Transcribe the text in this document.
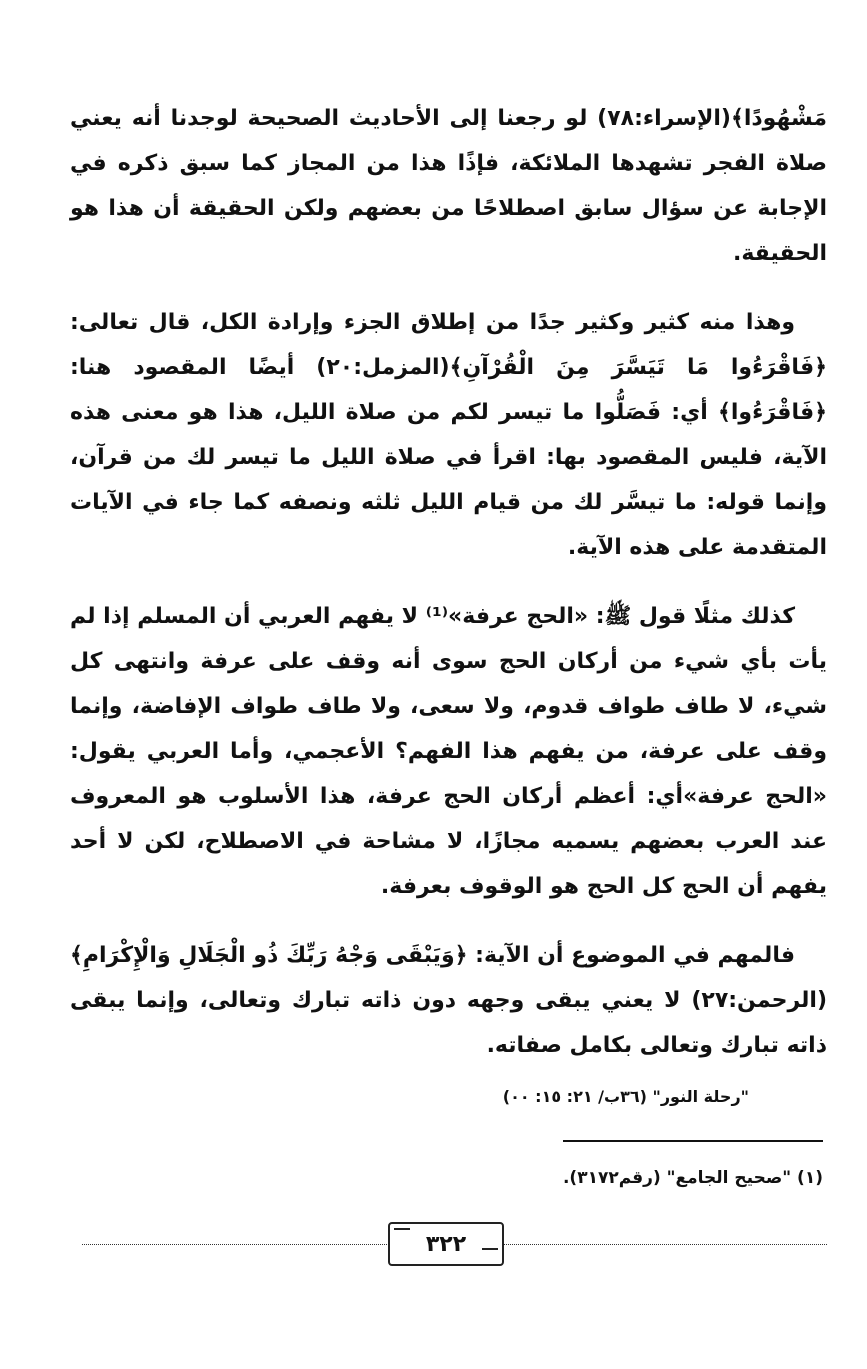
مَشْهُودًا﴾(الإسراء:٧٨) لو رجعنا إلى الأحاديث الصحيحة لوجدنا أنه يعني صلاة الفجر تشهدها الملائكة، فإذًا هذا من المجاز كما سبق ذكره في الإجابة عن سؤال سابق اصطلاحًا من بعضهم ولكن الحقيقة أن هذا هو الحقيقة.

وهذا منه كثير وكثير جدًا من إطلاق الجزء وإرادة الكل، قال تعالى: ﴿فَاقْرَءُوا مَا تَيَسَّرَ مِنَ الْقُرْآنِ﴾(المزمل:٢٠) أيضًا المقصود هنا: ﴿فَاقْرَءُوا﴾ أي: فَصَلُّوا ما تيسر لكم من صلاة الليل، هذا هو معنى هذه الآية، فليس المقصود بها: اقرأ في صلاة الليل ما تيسر لك من قرآن، وإنما قوله: ما تيسَّر لك من قيام الليل ثلثه ونصفه كما جاء في الآيات المتقدمة على هذه الآية.

كذلك مثلًا قول ﷺ: «الحج عرفة»⁽¹⁾ لا يفهم العربي أن المسلم إذا لم يأت بأي شيء من أركان الحج سوى أنه وقف على عرفة وانتهى كل شيء، لا طاف طواف قدوم، ولا سعى، ولا طاف طواف الإفاضة، وإنما وقف على عرفة، من يفهم هذا الفهم؟ الأعجمي، وأما العربي يقول: «الحج عرفة»أي: أعظم أركان الحج عرفة، هذا الأسلوب هو المعروف عند العرب بعضهم يسميه مجازًا، لا مشاحة في الاصطلاح، لكن لا أحد يفهم أن الحج كل الحج هو الوقوف بعرفة.

فالمهم في الموضوع أن الآية: ﴿وَيَبْقَى وَجْهُ رَبِّكَ ذُو الْجَلَالِ وَالْإِكْرَامِ﴾(الرحمن:٢٧) لا يعني يبقى وجهه دون ذاته تبارك وتعالى، وإنما يبقى ذاته تبارك وتعالى بكامل صفاته.

"رحلة النور" (٣٦ب/ ٢١: ١٥: ٠٠)

(١) "صحيح الجامع" (رقم٣١٧٢).
٣٢٢
